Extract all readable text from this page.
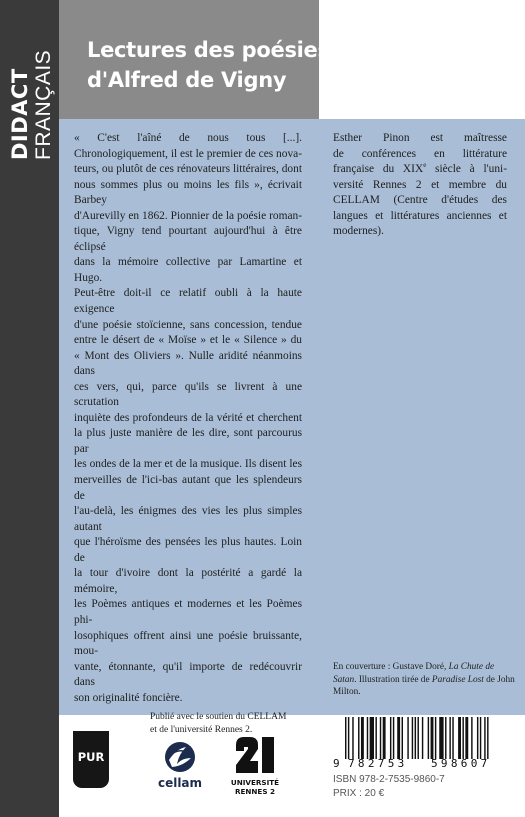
DIDACT FRANÇAIS Lectures des poésies
d'Alfred de Vigny
« C'est l'aîné de nous tous [...].
Chronologiquement, il est le premier de ces nova-
teurs, ou plutôt de ces rénovateurs littéraires, dont
nous sommes plus ou moins les fils », écrivait Barbey
d'Aurevilly en 1862. Pionnier de la poésie roman-
tique, Vigny tend pourtant aujourd'hui à être éclipsé
dans la mémoire collective par Lamartine et Hugo.
Peut-être doit-il ce relatif oubli à la haute exigence
d'une poésie stoïcienne, sans concession, tendue
entre le désert de « Moïse » et le « Silence » du
« Mont des Oliviers ». Nulle aridité néanmoins dans
ces vers, qui, parce qu'ils se livrent à une scrutation
inquiète des profondeurs de la vérité et cherchent
la plus juste manière de les dire, sont parcourus par
les ondes de la mer et de la musique. Ils disent les
merveilles de l'ici-bas autant que les splendeurs de
l'au-delà, les énigmes des vies les plus simples autant
que l'héroïsme des pensées les plus hautes. Loin de
la tour d'ivoire dont la postérité a gardé la mémoire,
les Poèmes antiques et modernes et les Poèmes phi-
losophiques offrent ainsi une poésie bruissante, mou-
vante, étonnante, qu'il importe de redécouvrir dans
son originalité foncière.
Esther Pinon est maîtresse
de conférences en littérature
française du XIXe siècle à l'uni-
versité Rennes 2 et membre du
CELLAM (Centre d'études des
langues et littératures anciennes et
modernes).
En couverture : Gustave Doré, La Chute de
Satan. Illustration tirée de Paradise Lost de John
Milton.
Publié avec le soutien du CELLAM
et de l'université Rennes 2.
PUR
cellam	UNIVERSITÉ
RENNES 2
9 782753 598607
ISBN 978-2-7535-9860-7
PRIX : 20 €
